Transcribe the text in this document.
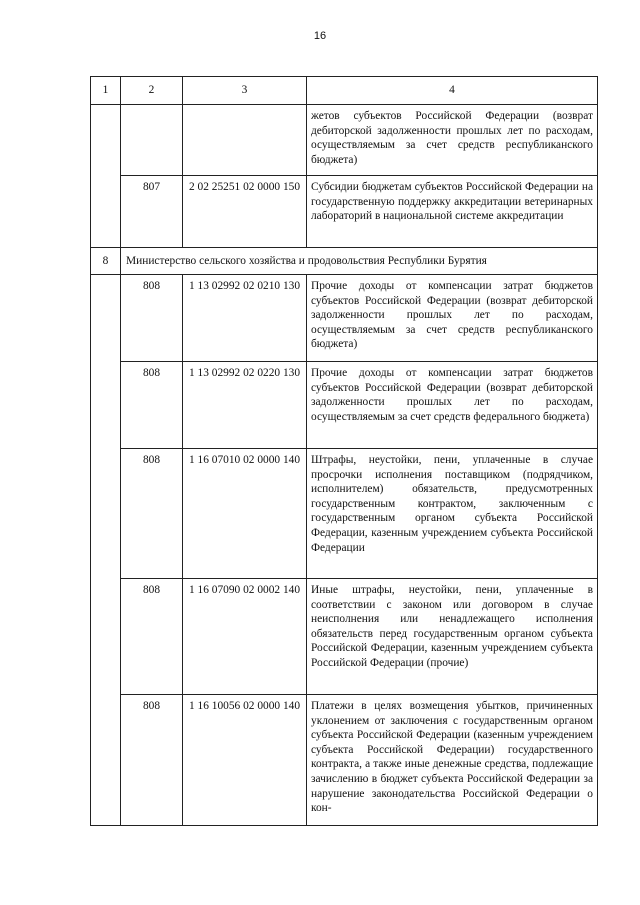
16
1	2	3	4
			жетов субъектов Российской Федерации (возврат дебиторской задолженности прошлых лет по расходам, осуществляемым за счет средств республиканского бюджета)
	807	2 02 25251 02 0000 150	Субсидии бюджетам субъектов Российской Федерации на государственную поддержку аккредитации ветеринарных лабораторий в национальной системе аккредитации
8	Министерство сельского хозяйства и продовольствия Республики Бурятия		
	808	1 13 02992 02 0210 130	Прочие доходы от компенсации затрат бюджетов субъектов Российской Федерации (возврат дебиторской задолженности прошлых лет по расходам, осуществляемым за счет средств республиканского бюджета)
	808	1 13 02992 02 0220 130	Прочие доходы от компенсации затрат бюджетов субъектов Российской Федерации (возврат дебиторской задолженности прошлых лет по расходам, осуществляемым за счет средств федерального бюджета)
	808	1 16 07010 02 0000 140	Штрафы, неустойки, пени, уплаченные в случае просрочки исполнения поставщиком (подрядчиком, исполнителем) обязательств, предусмотренных государственным контрактом, заключенным с государственным органом субъекта Российской Федерации, казенным учреждением субъекта Российской Федерации
	808	1 16 07090 02 0002 140	Иные штрафы, неустойки, пени, уплаченные в соответствии с законом или договором в случае неисполнения или ненадлежащего исполнения обязательств перед государственным органом субъекта Российской Федерации, казенным учреждением субъекта Российской Федерации (прочие)
	808	1 16 10056 02 0000 140	Платежи в целях возмещения убытков, причиненных уклонением от заключения с государственным органом субъекта Российской Федерации (казенным учреждением субъекта Российской Федерации) государственного контракта, а также иные денежные средства, подлежащие зачислению в бюджет субъекта Российской Федерации за нарушение законодательства Российской Федерации о кон-
